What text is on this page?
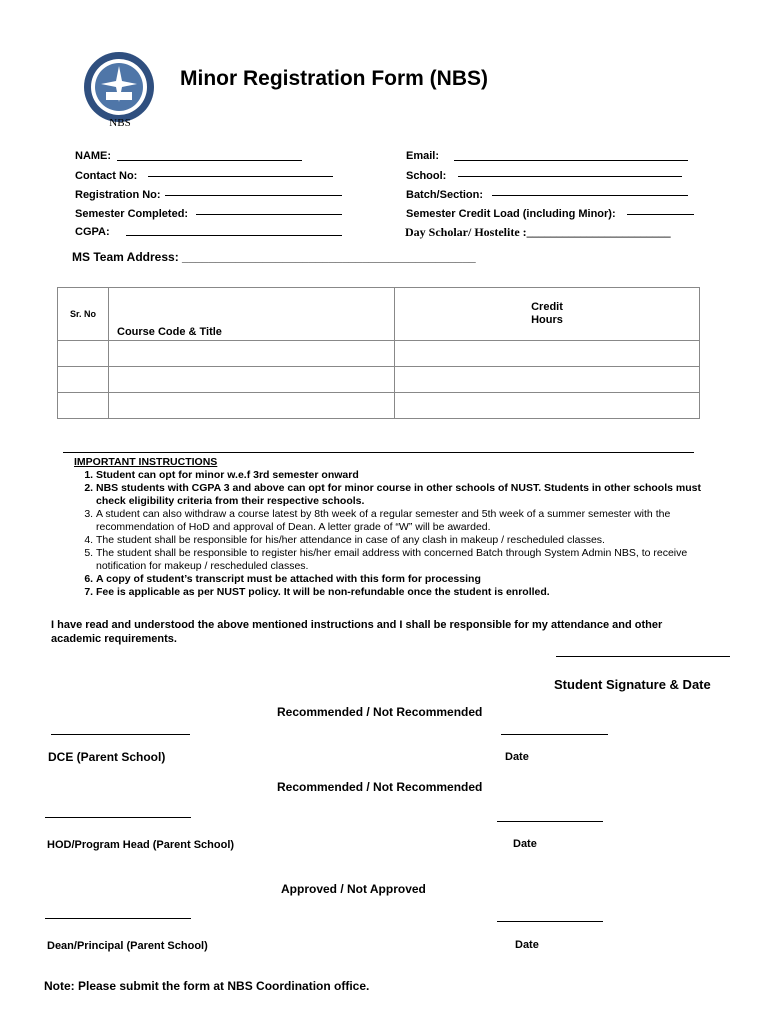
NBS
Minor Registration Form (NBS)
NAME:
Contact No:
Registration No:
Semester Completed:
CGPA:
Email:
School:
Batch/Section:
Semester Credit Load (including Minor):
Day Scholar/ Hostelite :________________________
MS Team Address: ____________________________________________
Sr. No	Course Code & Title	Credit Hours

IMPORTANT INSTRUCTIONS
1. Student can opt for minor w.e.f 3rd semester onward
2. NBS students with CGPA 3 and above can opt for minor course in other schools of NUST. Students in other schools must check eligibility criteria from their respective schools.
3. A student can also withdraw a course latest by 8th week of a regular semester and 5th week of a summer semester with the recommendation of HoD and approval of Dean. A letter grade of “W” will be awarded.
4. The student shall be responsible for his/her attendance in case of any clash in makeup / rescheduled classes.
5. The student shall be responsible to register his/her email address with concerned Batch through System Admin NBS, to receive notification for makeup / rescheduled classes.
6. A copy of student’s transcript must be attached with this form for processing
7. Fee is applicable as per NUST policy. It will be non-refundable once the student is enrolled.
I have read and understood the above mentioned instructions and I shall be responsible for my attendance and other academic requirements.
Student Signature & Date
Recommended / Not Recommended
DCE (Parent School)	Date
Recommended / Not Recommended
HOD/Program Head (Parent School)	Date
Approved / Not Approved
Dean/Principal (Parent School)	Date
Note: Please submit the form at NBS Coordination office.
